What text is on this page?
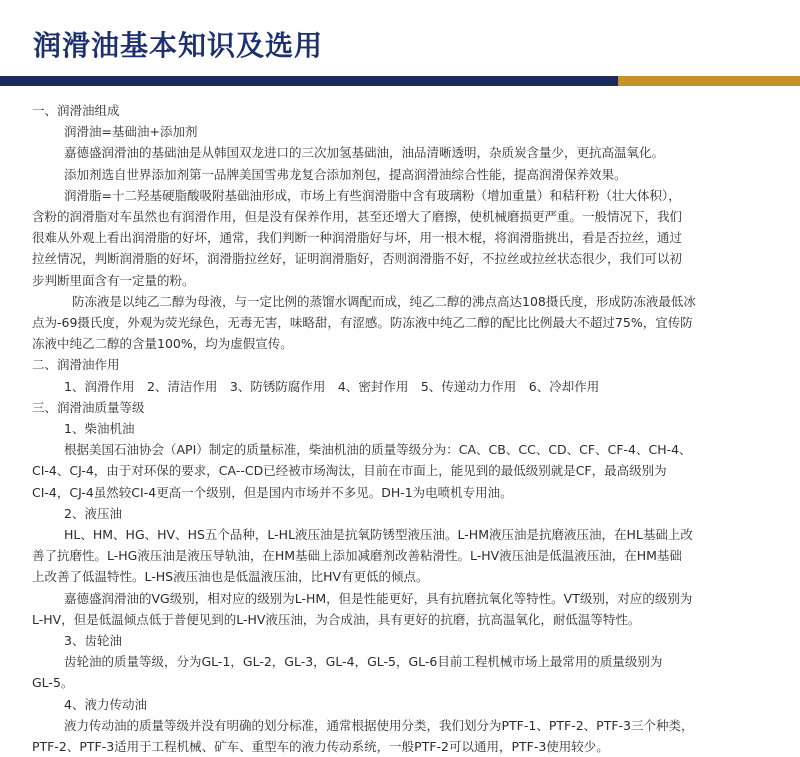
润滑油基本知识及选用
一、润滑油组成
润滑油=基础油+添加剂
嘉德盛润滑油的基础油是从韩国双龙进口的三次加氢基础油，油品清晰透明，杂质炭含量少，更抗高温氧化。
添加剂选自世界添加剂第一品牌美国雪弗龙复合添加剂包，提高润滑油综合性能，提高润滑保养效果。
润滑脂=十二羟基硬脂酸吸附基础油形成，市场上有些润滑脂中含有玻璃粉（增加重量）和秸秆粉（壮大体积），
含粉的润滑脂对车虽然也有润滑作用，但是没有保养作用，甚至还增大了磨擦，使机械磨损更严重。一般情况下，我们
很难从外观上看出润滑脂的好坏，通常，我们判断一种润滑脂好与坏，用一根木棍，将润滑脂挑出，看是否拉丝，通过
拉丝情况，判断润滑脂的好坏，润滑脂拉丝好，证明润滑脂好，否则润滑脂不好，不拉丝或拉丝状态很少，我们可以初
步判断里面含有一定量的粉。
防冻液是以纯乙二醇为母液，与一定比例的蒸馏水调配而成，纯乙二醇的沸点高达108摄氏度，形成防冻液最低冰
点为-69摄氏度，外观为荧光绿色，无毒无害，味略甜，有涩感。防冻液中纯乙二醇的配比比例最大不超过75%，宜传防
冻液中纯乙二醇的含量100%，均为虚假宣传。
二、润滑油作用
1、润滑作用　2、清洁作用　3、防锈防腐作用　4、密封作用　5、传递动力作用　6、冷却作用
三、润滑油质量等级
1、柴油机油
根据美国石油协会（API）制定的质量标准，柴油机油的质量等级分为：CA、CB、CC、CD、CF、CF-4、CH-4、
CI-4、CJ-4，由于对环保的要求，CA--CD已经被市场淘汰，目前在市面上，能见到的最低级别就是CF，最高级别为
CI-4，CJ-4虽然较CI-4更高一个级别，但是国内市场并不多见。DH-1为电喷机专用油。
2、液压油
HL、HM、HG、HV、HS五个品种，L-HL液压油是抗氧防锈型液压油。L-HM液压油是抗磨液压油，在HL基础上改
善了抗磨性。L-HG液压油是液压导轨油，在HM基础上添加减磨剂改善粘滑性。L-HV液压油是低温液压油，在HM基础
上改善了低温特性。L-HS液压油也是低温液压油，比HV有更低的倾点。
嘉德盛润滑油的VG级别，相对应的级别为L-HM，但是性能更好，具有抗磨抗氧化等特性。VT级别，对应的级别为
L-HV，但是低温倾点低于普便见到的L-HV液压油，为合成油，具有更好的抗磨，抗高温氧化，耐低温等特性。
3、齿轮油
齿轮油的质量等级，分为GL-1，GL-2，GL-3，GL-4，GL-5，GL-6目前工程机械市场上最常用的质量级别为
GL-5。
4、液力传动油
液力传动油的质量等级并没有明确的划分标准，通常根据使用分类，我们划分为PTF-1、PTF-2、PTF-3三个种类，
PTF-2、PTF-3适用于工程机械、矿车、重型车的液力传动系统，一般PTF-2可以通用，PTF-3使用较少。
